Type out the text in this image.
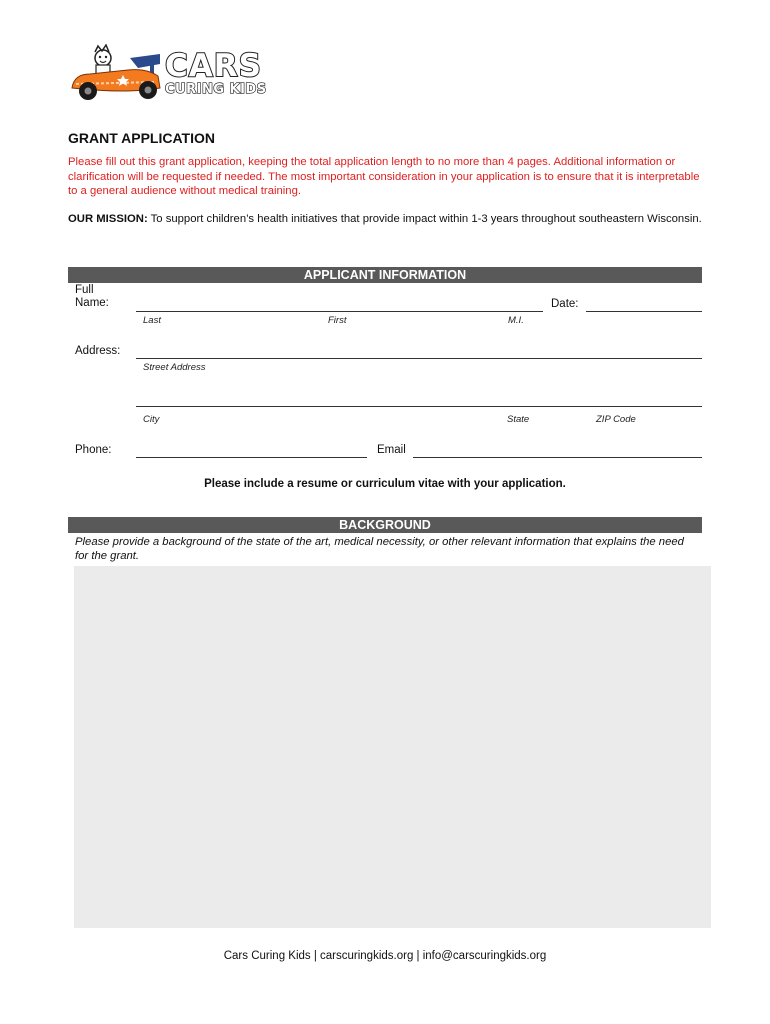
CARS
CURING KIDS
GRANT APPLICATION
Please fill out this grant application, keeping the total application length to no more than 4 pages. Additional information or clarification will be requested if needed. The most important consideration in your application is to ensure that it is interpretable to a general audience without medical training.
OUR MISSION: To support children’s health initiatives that provide impact within 1-3 years throughout southeastern Wisconsin.
APPLICANT INFORMATION
Full
Name:
Last	First	M.I.
Date:
Address:
Street Address
City	State	ZIP Code
Phone:	Email
Please include a resume or curriculum vitae with your application.
BACKGROUND
Please provide a background of the state of the art, medical necessity, or other relevant information that explains the need for the grant.
Cars Curing Kids | carscuringkids.org | info@carscuringkids.org
